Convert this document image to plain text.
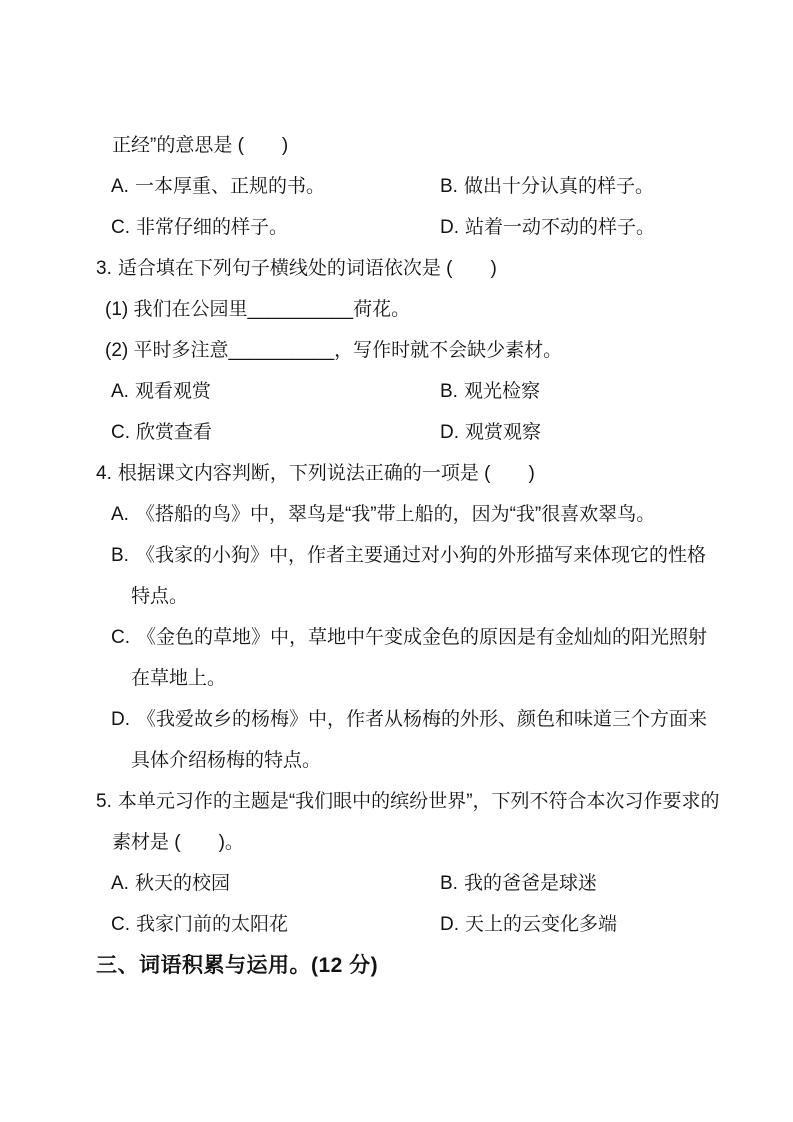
正经”的意思是 (　　)
A. 一本厚重、正规的书。	B. 做出十分认真的样子。
C. 非常仔细的样子。	D. 站着一动不动的样子。
3. 适合填在下列句子横线处的词语依次是 (　　)
(1) 我们在公园里__________荷花。
(2) 平时多注意__________，写作时就不会缺少素材。
A. 观看观赏	B. 观光检察
C. 欣赏查看	D. 观赏观察
4. 根据课文内容判断，下列说法正确的一项是 (　　)
A. 《搭船的鸟》中，翠鸟是“我”带上船的，因为“我”很喜欢翠鸟。
B. 《我家的小狗》中，作者主要通过对小狗的外形描写来体现它的性格特点。
C. 《金色的草地》中，草地中午变成金色的原因是有金灿灿的阳光照射在草地上。
D. 《我爱故乡的杨梅》中，作者从杨梅的外形、颜色和味道三个方面来具体介绍杨梅的特点。
5. 本单元习作的主题是“我们眼中的缤纷世界”，下列不符合本次习作要求的素材是 (　　)。
A. 秋天的校园	B. 我的爸爸是球迷
C. 我家门前的太阳花	D. 天上的云变化多端
三、词语积累与运用。(12 分)
